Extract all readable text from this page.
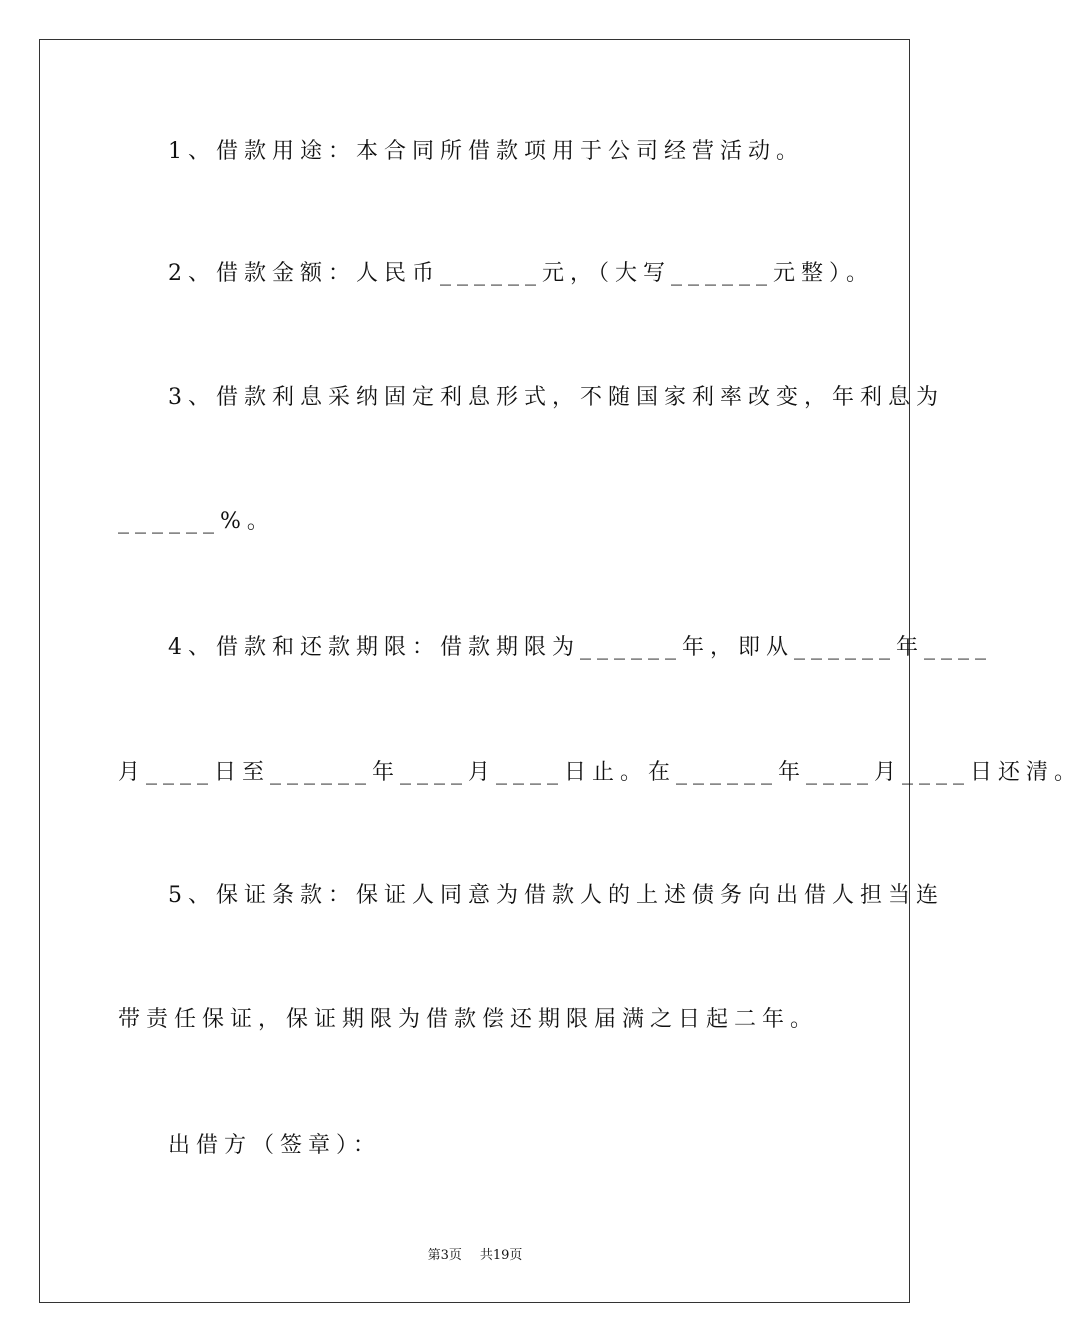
1、借款用途：本合同所借款项用于公司经营活动。
2、借款金额：人民币______元，（大写______元整）。
3、借款利息采纳固定利息形式，不随国家利率改变，年利息为
______%。
4、借款和还款期限：借款期限为______年，即从______年____
月____日至______年____月____日止。在______年____月____日还清。
5、保证条款：保证人同意为借款人的上述债务向出借人担当连
带责任保证，保证期限为借款偿还期限届满之日起二年。
出借方（签章）：
第3页 共19页
